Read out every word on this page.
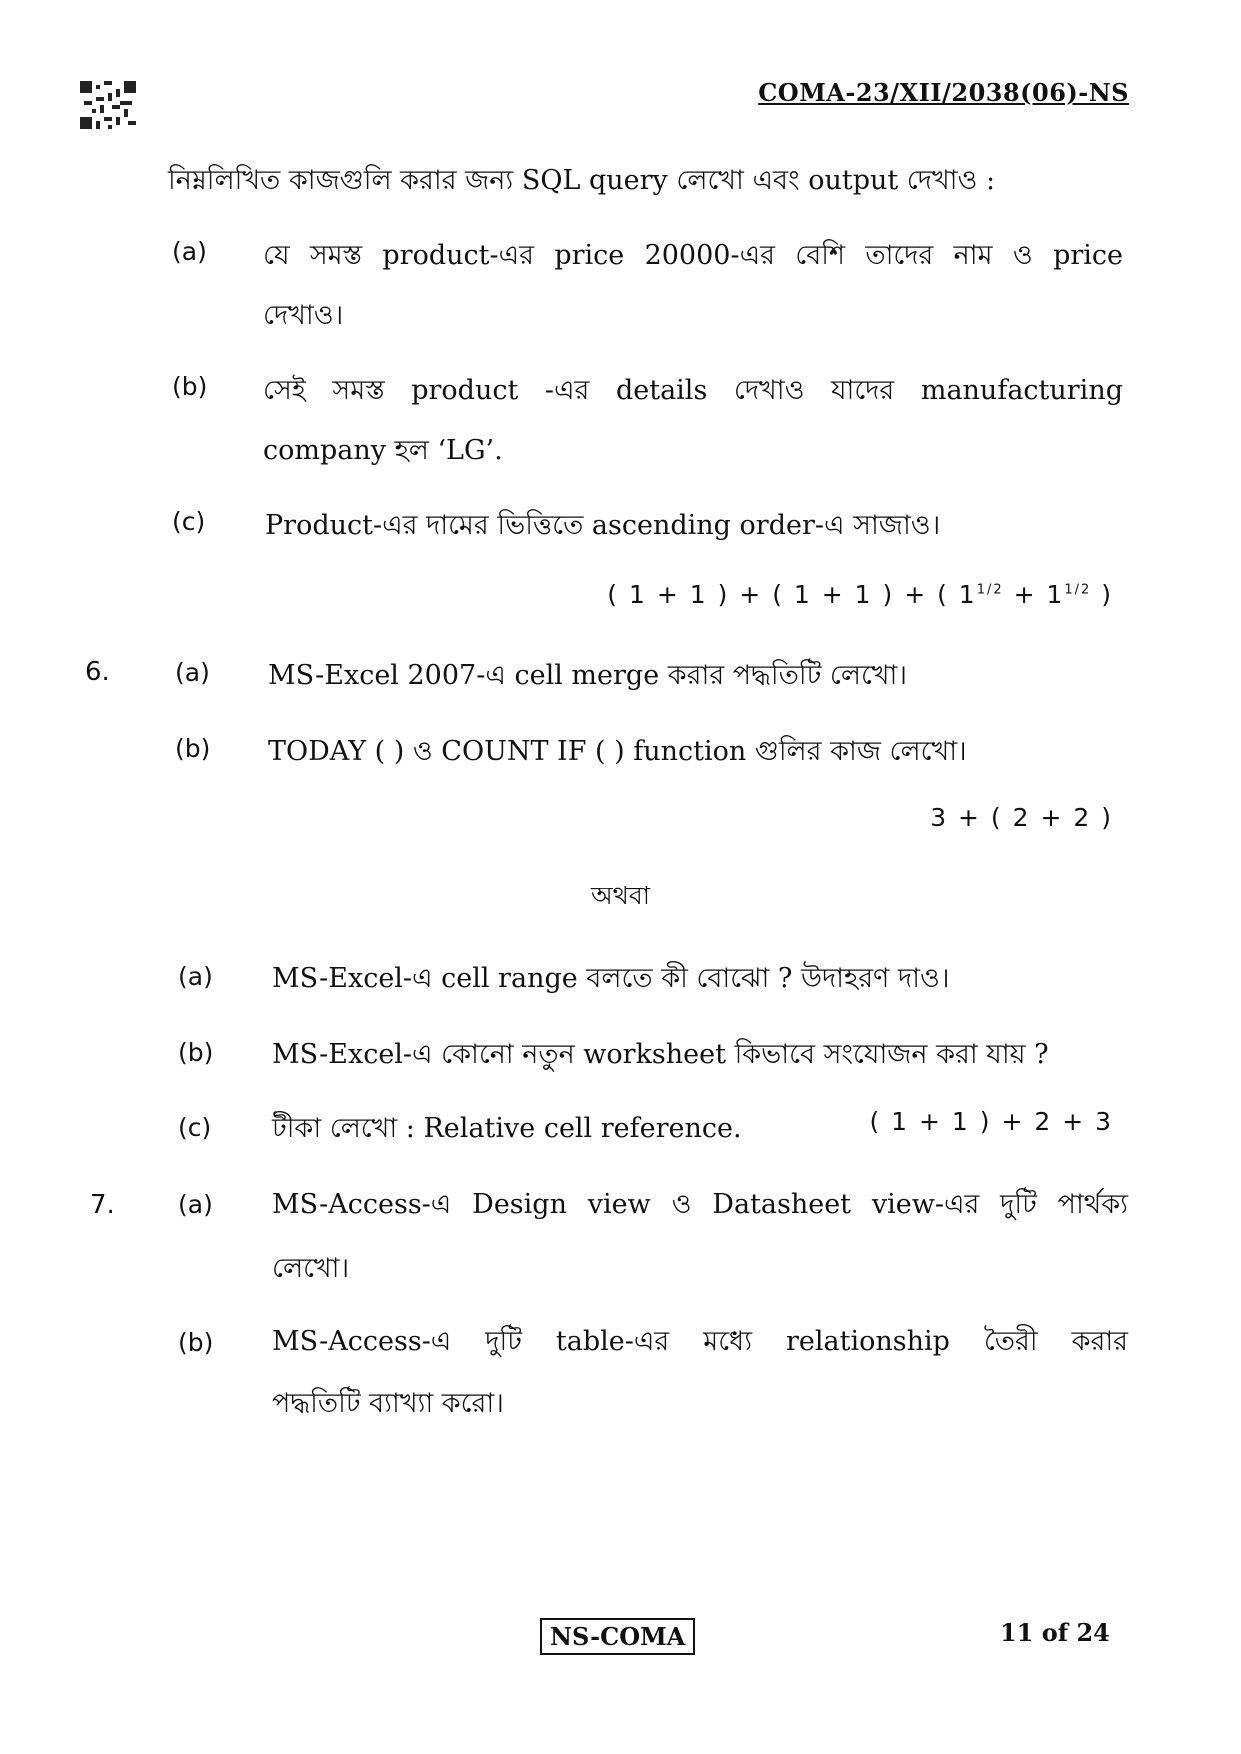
COMA-23/XII/2038(06)-NS
নিম্নলিখিত কাজগুলি করার জন্য SQL query লেখো এবং output দেখাও :
(a) যে সমস্ত product-এর price 20000-এর বেশি তাদের নাম ও price
দেখাও।
(b) সেই সমস্ত product -এর details দেখাও যাদের manufacturing
company হল ‘LG’.
(c) Product-এর দামের ভিত্তিতে ascending order-এ সাজাও।
( 1 + 1 ) + ( 1 + 1 ) + ( $1^{1/2} + 1^{1/2}$ )
6.	(a) MS-Excel 2007-এ cell merge করার পদ্ধতিটি লেখো।
(b) TODAY ( ) ও COUNT IF ( ) function গুলির কাজ লেখো।
3 + ( 2 + 2 )
অথবা
(a) MS-Excel-এ cell range বলতে কী বোঝো ? উদাহরণ দাও।
(b) MS-Excel-এ কোনো নতুন worksheet কিভাবে সংযোজন করা যায় ?
(c) টীকা লেখো : Relative cell reference.	( 1 + 1 ) + 2 + 3
7.	(a) MS-Access-এ Design view ও Datasheet view-এর দুটি পার্থক্য
লেখো।
(b) MS-Access-এ দুটি table-এর মধ্যে relationship তৈরী করার
পদ্ধতিটি ব্যাখ্যা করো।
NS-COMA	11 of 24
